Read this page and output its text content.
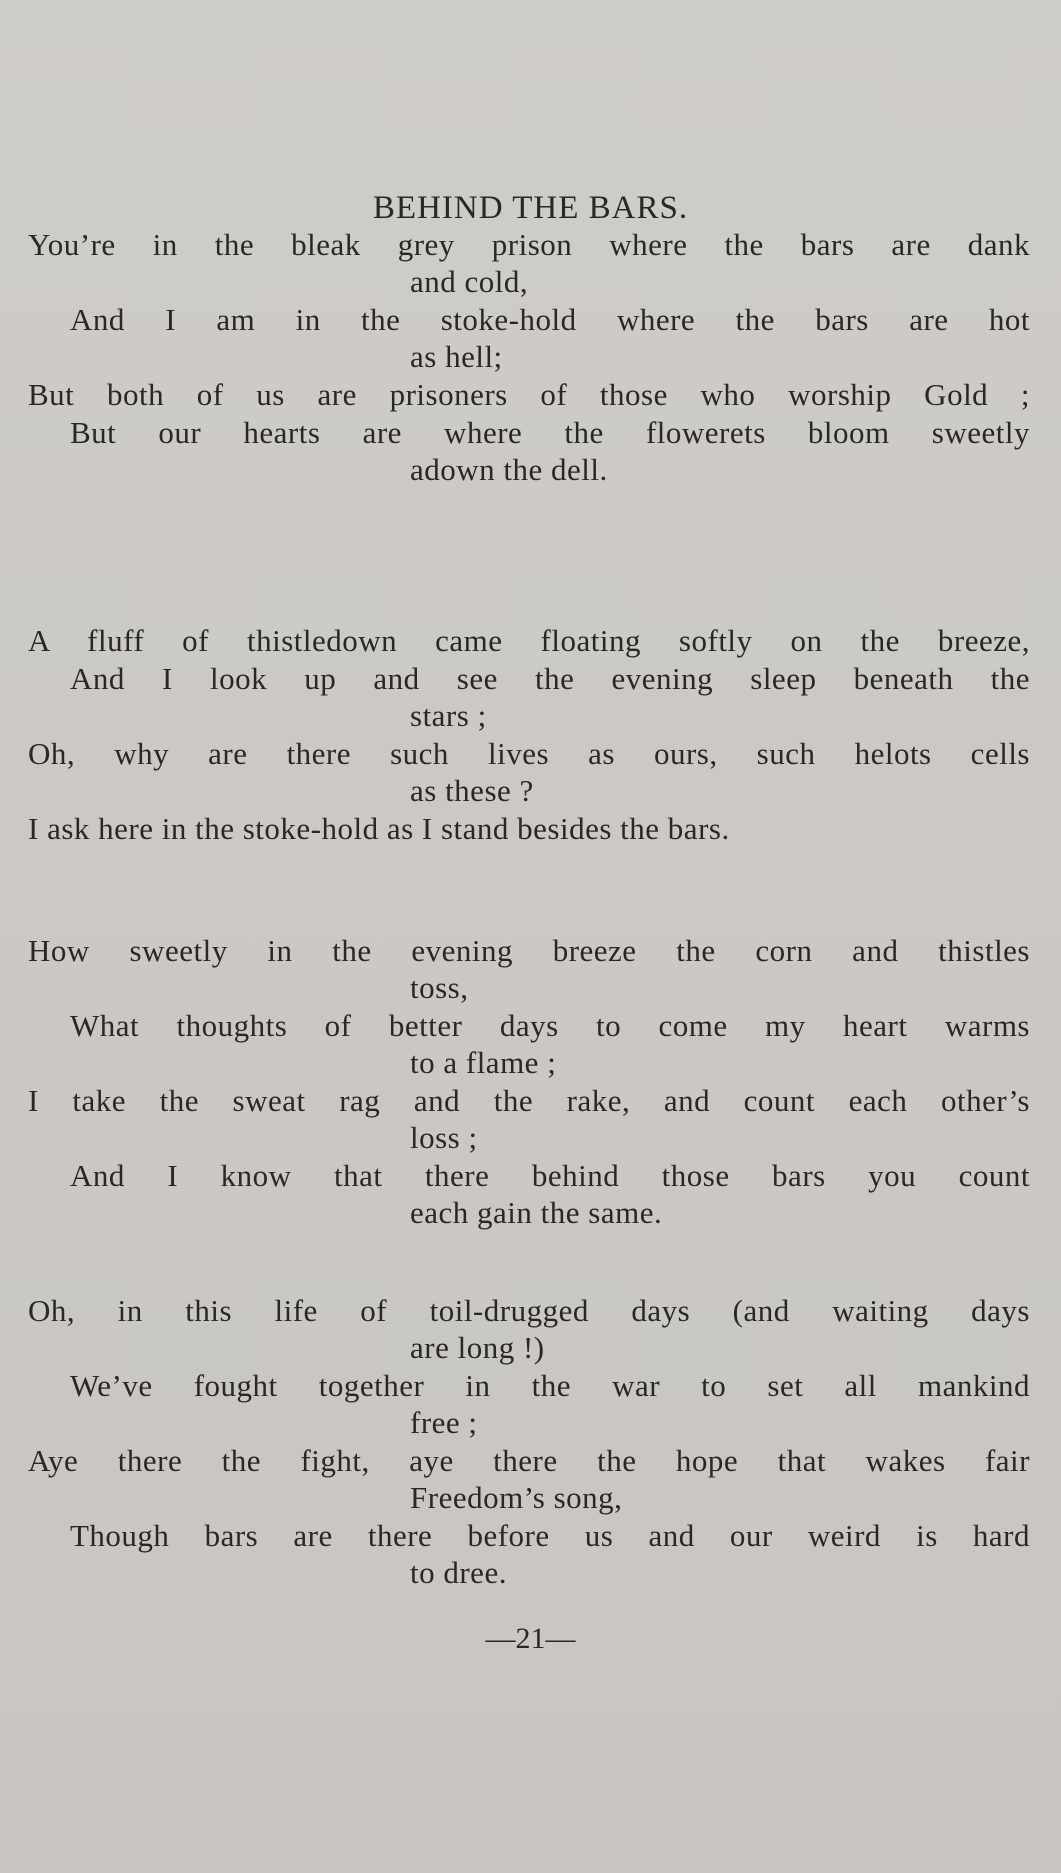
BEHIND THE BARS.
You’re in the bleak grey prison where the bars are dank
and cold,
And I am in the stoke-hold where the bars are hot
as hell;
But both of us are prisoners of those who worship Gold ;
But our hearts are where the flowerets bloom sweetly
adown the dell.
A fluff of thistledown came floating softly on the breeze,
And I look up and see the evening sleep beneath the
stars ;
Oh, why are there such lives as ours, such helots cells
as these ?
I ask here in the stoke-hold as I stand besides the bars.
How sweetly in the evening breeze the corn and thistles
toss,
What thoughts of better days to come my heart warms
to a flame ;
I take the sweat rag and the rake, and count each other’s
loss ;
And I know that there behind those bars you count
each gain the same.
Oh, in this life of toil-drugged days (and waiting days
are long !)
We’ve fought together in the war to set all mankind
free ;
Aye there the fight, aye there the hope that wakes fair
Freedom’s song,
Though bars are there before us and our weird is hard
to dree.
—21—
